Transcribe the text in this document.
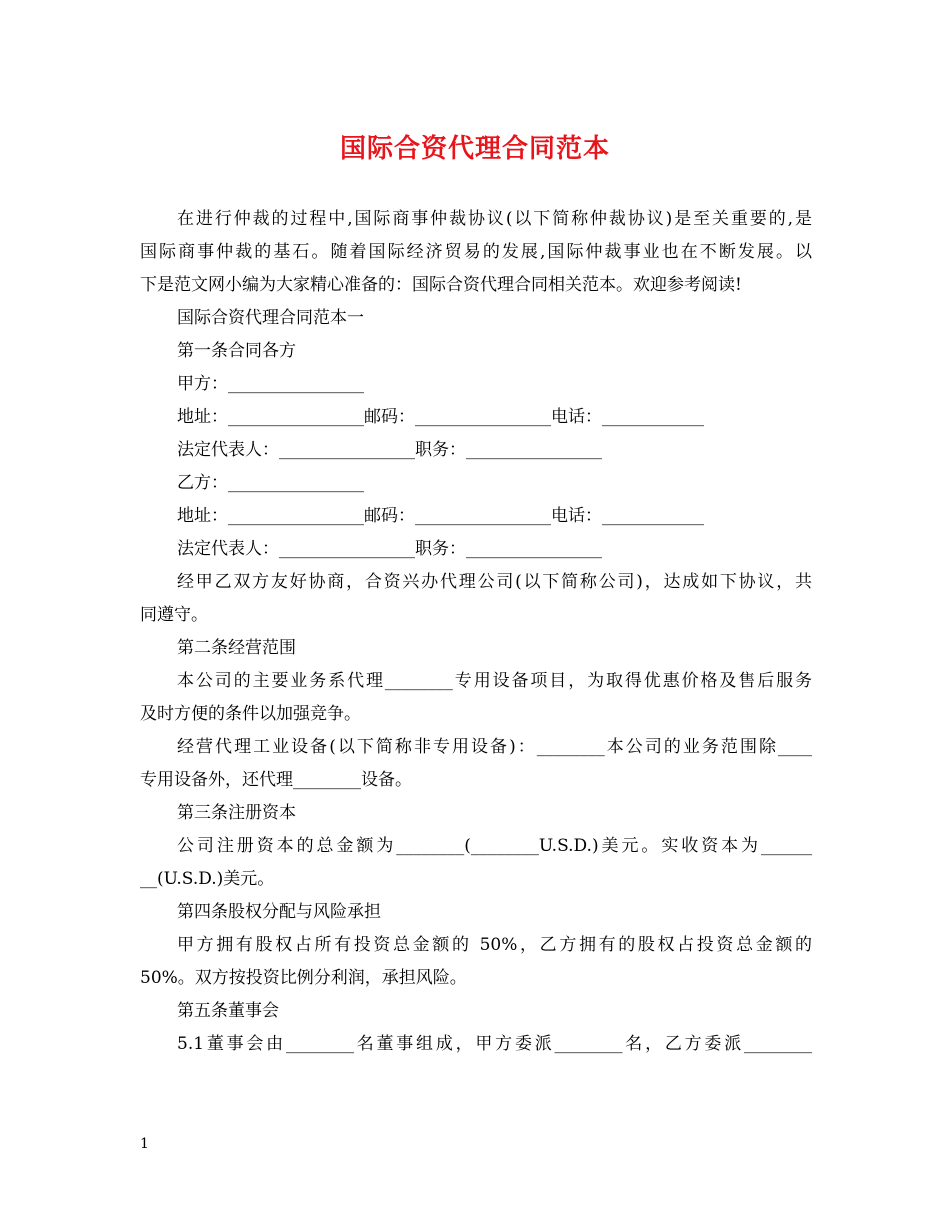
国际合资代理合同范本
在进行仲裁的过程中,国际商事仲裁协议(以下简称仲裁协议)是至关重要的,是
国际商事仲裁的基石。随着国际经济贸易的发展,国际仲裁事业也在不断发展。以
下是范文网小编为大家精心准备的：国际合资代理合同相关范本。欢迎参考阅读!
国际合资代理合同范本一
第一条合同各方
甲方：________________
地址：________________邮码：________________电话：____________
法定代表人：________________职务：________________
乙方：________________
地址：________________邮码：________________电话：____________
法定代表人：________________职务：________________
经甲乙双方友好协商，合资兴办代理公司(以下简称公司)，达成如下协议，共
同遵守。
第二条经营范围
本公司的主要业务系代理________专用设备项目，为取得优惠价格及售后服务
及时方便的条件以加强竞争。
经营代理工业设备(以下简称非专用设备)：________本公司的业务范围除____
专用设备外，还代理________设备。
第三条注册资本
公司注册资本的总金额为________(________U.S.D.)美元。实收资本为______
__(U.S.D.)美元。
第四条股权分配与风险承担
甲方拥有股权占所有投资总金额的 50%，乙方拥有的股权占投资总金额的
50%。双方按投资比例分利润，承担风险。
第五条董事会
5.1董事会由________名董事组成，甲方委派________名，乙方委派________
1
